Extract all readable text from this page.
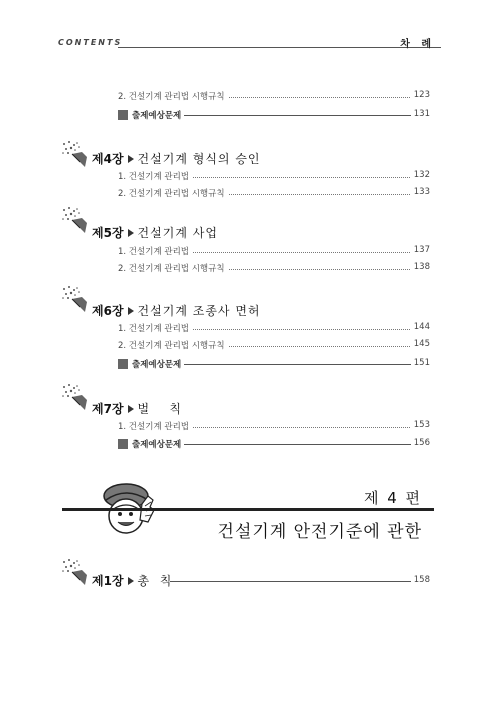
CONTENTS	차 례
2. 건설기계 관리법 시행규칙	123
출제예상문제	131
제4장 건설기계 형식의 승인
1. 건설기계 관리법	132
2. 건설기계 관리법 시행규칙	133
제5장 건설기계 사업
1. 건설기계 관리법	137
2. 건설기계 관리법 시행규칙	138
제6장 건설기계 조종사 면허
1. 건설기계 관리법	144
2. 건설기계 관리법 시행규칙	145
출제예상문제	151
제7장 벌    칙
1. 건설기계 관리법	153
출제예상문제	156
제 4 편
건설기계 안전기준에 관한
제1장 총  칙	158
